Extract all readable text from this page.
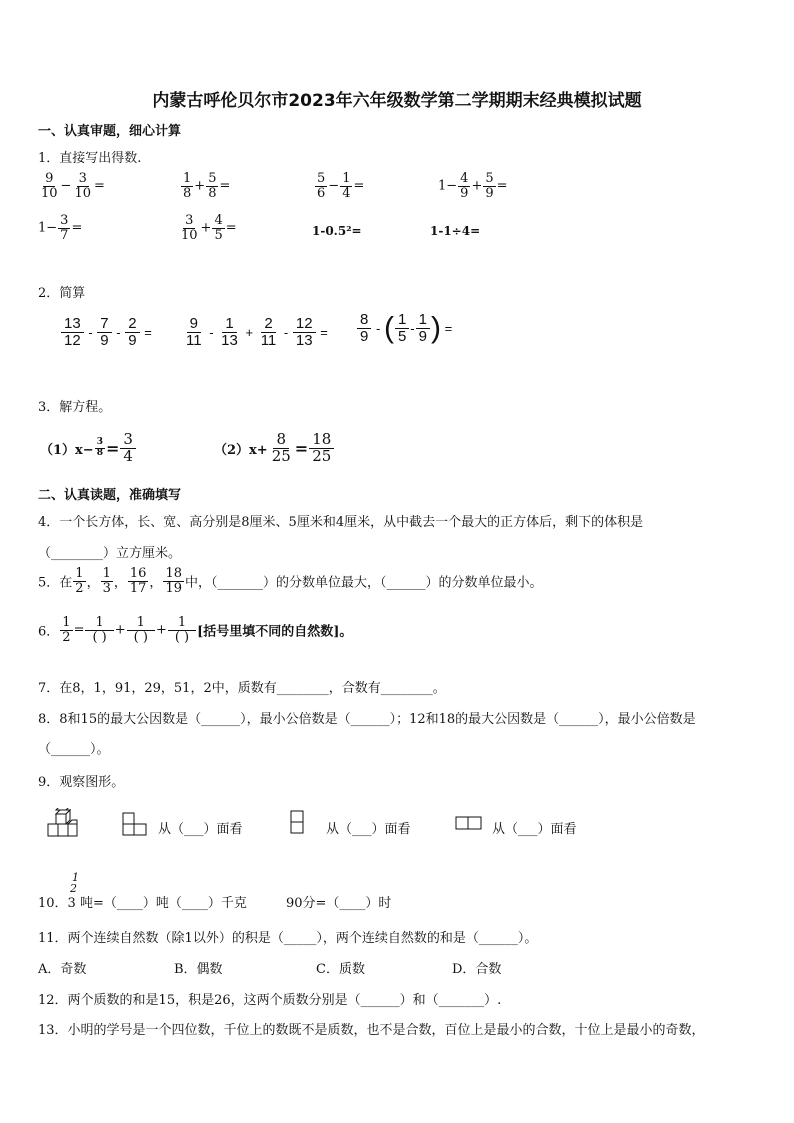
内蒙古呼伦贝尔市2023年六年级数学第二学期期末经典模拟试题
一、认真审题，细心计算
1．直接写出得数.
$\frac{9}{10} - \frac{3}{10}$ =	$\frac{1}{8} + \frac{5}{8}$ =	$\frac{5}{6} - \frac{1}{4}$ =	$1- \frac{4}{9} + \frac{5}{9}$ =
$1- \frac{3}{7}$ =	$\frac{3}{10} + \frac{4}{5}$ =	1-0.5²=	1-1÷4=
2．简算
$\frac{13}{12} - \frac{7}{9} - \frac{2}{9} = \frac{9}{11} - \frac{1}{13} + \frac{2}{11} - \frac{12}{13} = \frac{8}{9}$ - ( $\frac{1}{5} - \frac{1}{9}$ ) =
3．解方程。
$(1)x- \frac{3}{8} = \frac{3}{4}$	$(2)x+ \frac{8}{25} = \frac{18}{25}$
二、认真读题，准确填写
4．一个长方体，长、宽、高分别是8厘米、5厘米和4厘米，从中截去一个最大的正方体后，剩下的体积是
（________）立方厘米。
5．在 $\frac{1}{2}$ ， $\frac{1}{3}$ ， $\frac{16}{17}$ ， $\frac{18}{19}$ 中，（_______）的分数单位最大，（______）的分数单位最小。
6． $\frac{1}{2} = \frac{1}{( )} + \frac{1}{( )} + \frac{1}{( )}$ [括号里填不同的自然数]。
7．在8，1，91，29，51，2中，质数有________，合数有________。
8．8和15的最大公因数是（______），最小公倍数是（______）；12和18的最大公因数是（______），最小公倍数是
（______）。
9．观察图形。
从（___）面看	从（___）面看	从（___）面看
10．3
1
2
吨=（____）吨（____）千克	90分=（____）时
11．两个连续自然数（除1以外）的积是（_____），两个连续自然数的和是（______）。
A．奇数	B．偶数	C．质数	D．合数
12．两个质数的和是15，积是26，这两个质数分别是（______）和（_______）.
13．小明的学号是一个四位数，千位上的数既不是质数，也不是合数，百位上是最小的合数，十位上是最小的奇数，
